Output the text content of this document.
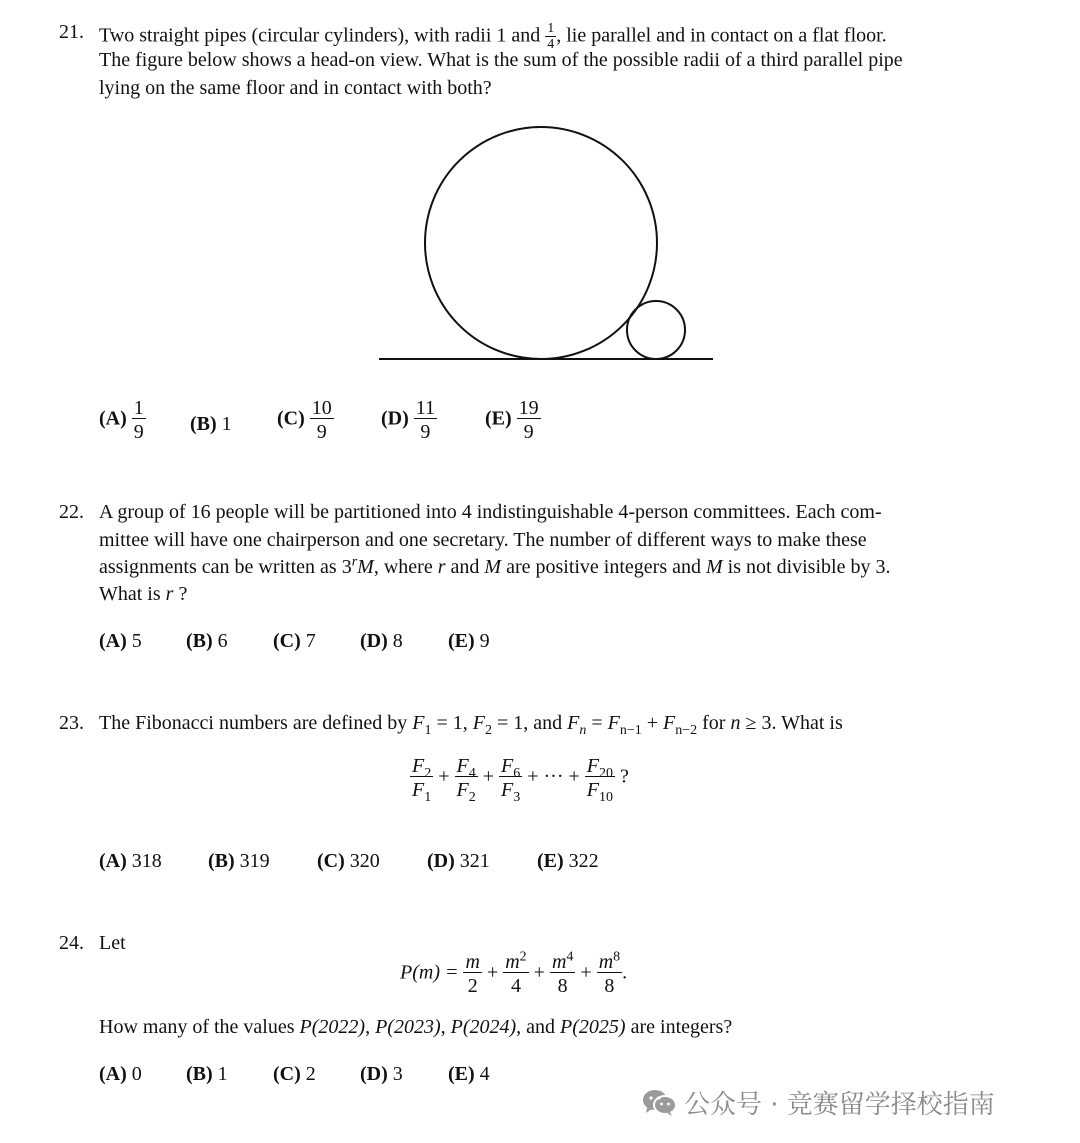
21. Two straight pipes (circular cylinders), with radii 1 and $\frac{1}{4}$ , lie parallel and in contact on a flat floor.
The figure below shows a head-on view. What is the sum of the possible radii of a third parallel pipe
lying on the same floor and in contact with both?
$(A) \frac{1}{9} (B)$ 1 $(C) \frac{10}{9} (D) \frac{11}{9} (E) \frac{19}{9}$
22. A group of 16 people will be partitioned into 4 indistinguishable 4-person committees. Each com-
mittee will have one chairperson and one secretary. The number of different ways to make these
assignments can be written as 3$^r$M, where r and M are positive integers and M is not divisible by 3.
What is r ?
(A) 5 (B) 6 (C) 7 (D) 8 (E) 9
23. The Fibonacci numbers are defined by $F_1 = 1$, $F_2 = 1$, and $F_n = F_{n-1} + F_{n-2}$ for n ≥ 3. What is
$\frac{F_2}{F_1} + \frac{F_4}{F_2} + \frac{F_6}{F_3}$ + ··· + $\frac{F_{20}}{F_{10}}$ ?
(A) 318 (B) 319 (C) 320 (D) 321 (E) 322
24. Let
$P(m) = \frac{m}{2} + \frac{m^2}{4} + \frac{m^4}{8} + \frac{m^8}{8}$ .
How many of the values P(2022), P(2023), P(2024), and P(2025) are integers?
(A) 0 (B) 1 (C) 2 (D) 3 (E) 4
公众号 · 竞赛留学择校指南
